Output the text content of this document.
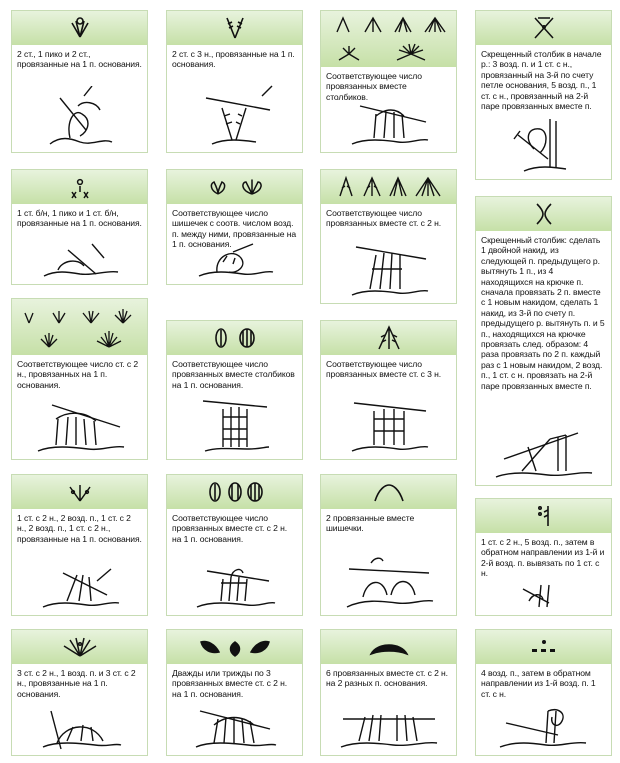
2 ст., 1 пико и 2 ст., провязанные на 1 п. основания.
1 ст. б/н, 1 пико и 1 ст. б/н, провязанные на 1 п. основания.
Соответствующее число ст. с 2 н., провязанных на 1 п. основания.
1 ст. с 2 н., 2 возд. п., 1 ст. с 2 н., 2 возд. п., 1 ст. с 2 н., провязанные на 1 п. основания.
3 ст. с 2 н., 1 возд. п. и 3 ст. с 2 н., провязанные на 1 п. основания.
2 ст. с 3 н., провязанные на 1 п. основания.
Соответствующее число шишечек с соотв. числом возд. п. между ними, провязанные на 1 п. основания.
Соответствующее число провязанных вместе столбиков на 1 п. основания.
Соответствующее число провязанных вместе ст. с 2 н. на 1 п. основания.
Дважды или трижды по 3 провязанных вместе ст. с 2 н. на 1 п. основания.
Соответствующее число провязанных вместе столбиков.
Соответствующее число провязанных вместе ст. с 2 н.
Соответствующее число провязанных вместе ст. с 3 н.
2 провязанные вместе шишечки.
6 провязанных вместе ст. с 2 н. на 2 разных п. основания.
Скрещенный столбик в начале р.: 3 возд. п. и 1 ст. с н., провязанный на 3-й по счету петле основания, 5 возд. п., 1 ст. с н., провязанный на 2-й паре провязанных вместе п.
Скрещенный столбик: сделать 1 двойной накид, из следующей п. предыдущего р. вытянуть 1 п., из 4 находящихся на крючке п. сначала провязать 2 п. вместе с 1 новым накидом, сделать 1 накид, из 3-й по счету п. предыдущего р. вытянуть п. и 5 п., находящихся на крючке провязать след. образом: 4 раза провязать по 2 п. каждый раз с 1 новым накидом, 2 возд. п., 1 ст. с н. провязать на 2-й паре провязанных вместе п.
1 ст. с 2 н., 5 возд. п., затем в обратном направлении из 1-й и 2-й возд. п. вывязать по 1 ст. с н.
4 возд. п., затем в обратном направлении из 1-й возд. п. 1 ст. с н.
